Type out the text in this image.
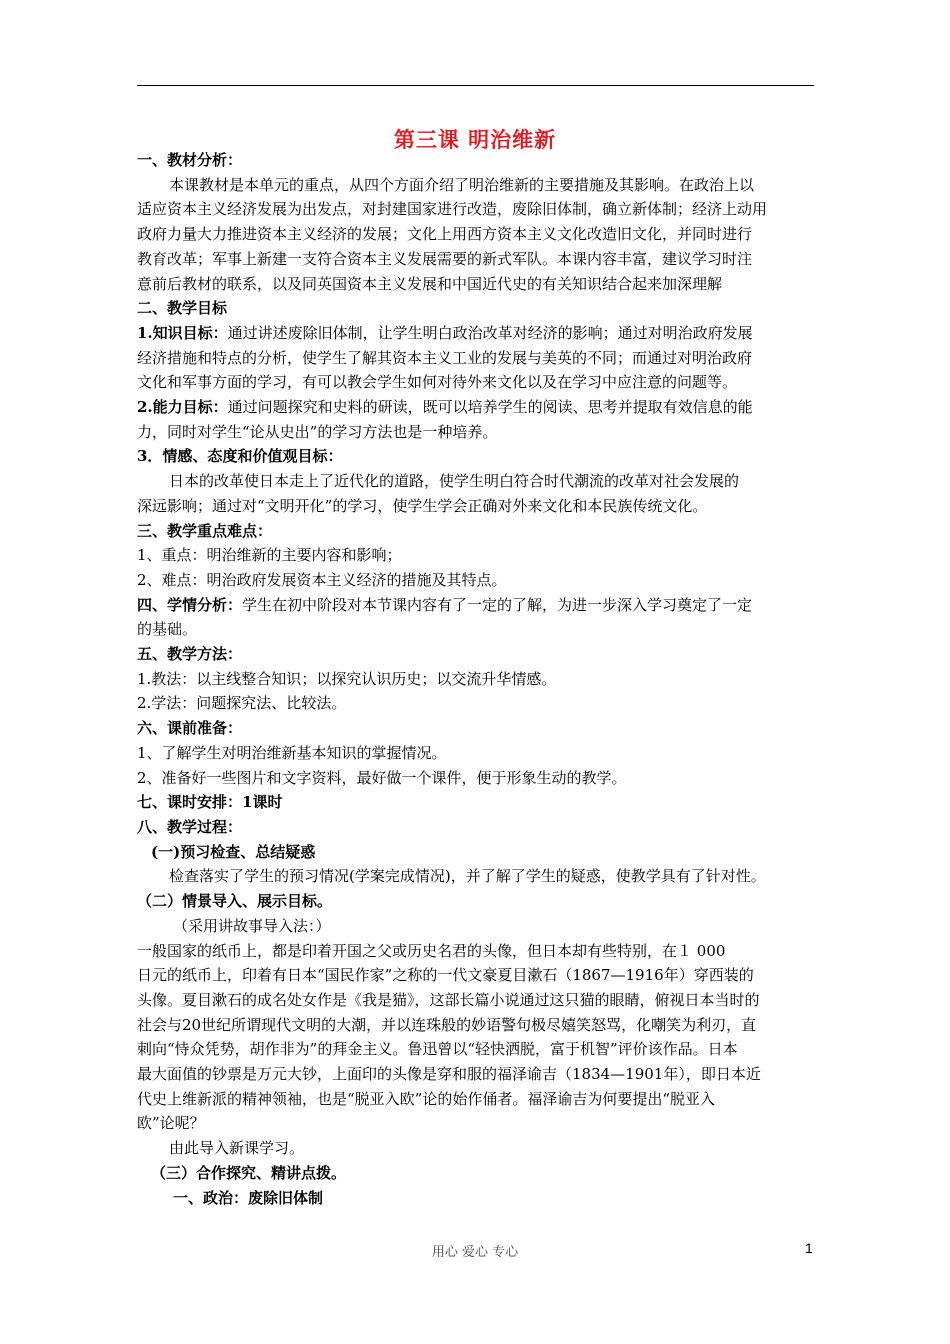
第三课 明治维新

一、教材分析：

本课教材是本单元的重点，从四个方面介绍了明治维新的主要措施及其影响。在政治上以

适应资本主义经济发展为出发点，对封建国家进行改造，废除旧体制，确立新体制；经济上动用

政府力量大力推进资本主义经济的发展；文化上用西方资本主义文化改造旧文化，并同时进行

教育改革；军事上新建一支符合资本主义发展需要的新式军队。本课内容丰富，建议学习时注

意前后教材的联系，以及同英国资本主义发展和中国近代史的有关知识结合起来加深理解

二、教学目标

1.知识目标：通过讲述废除旧体制，让学生明白政治改革对经济的影响；通过对明治政府发展

经济措施和特点的分析，使学生了解其资本主义工业的发展与美英的不同；而通过对明治政府

文化和军事方面的学习，有可以教会学生如何对待外来文化以及在学习中应注意的问题等。

2.能力目标：通过问题探究和史料的研读，既可以培养学生的阅读、思考并提取有效信息的能

力，同时对学生“论从史出”的学习方法也是一种培养。

3．情感、态度和价值观目标：

日本的改革使日本走上了近代化的道路，使学生明白符合时代潮流的改革对社会发展的

深远影响；通过对“文明开化”的学习，使学生学会正确对外来文化和本民族传统文化。

三、教学重点难点：

1、重点：明治维新的主要内容和影响；

2、难点：明治政府发展资本主义经济的措施及其特点。

四、学情分析：学生在初中阶段对本节课内容有了一定的了解，为进一步深入学习奠定了一定

的基础。

五、教学方法：

1.教法：以主线整合知识；以探究认识历史；以交流升华情感。

2.学法：问题探究法、比较法。

六、课前准备：

1、了解学生对明治维新基本知识的掌握情况。

2、准备好一些图片和文字资料，最好做一个课件，便于形象生动的教学。

七、课时安排：1课时

八、教学过程：

(一)预习检查、总结疑惑

检查落实了学生的预习情况(学案完成情况)，并了解了学生的疑惑，使教学具有了针对性。

（二）情景导入、展示目标。

（采用讲故事导入法：）

一般国家的纸币上，都是印着开国之父或历史名君的头像，但日本却有些特别，在１ 000

日元的纸币上，印着有日本“国民作家”之称的一代文豪夏目漱石（1867—1916年）穿西装的

头像。夏目漱石的成名处女作是《我是猫》，这部长篇小说通过这只猫的眼睛，俯视日本当时的

社会与20世纪所谓现代文明的大潮，并以连珠般的妙语警句极尽嬉笑怒骂，化嘲笑为利刃，直

刺向“恃众凭势，胡作非为”的拜金主义。鲁迅曾以“轻快洒脱，富于机智”评价该作品。日本

最大面值的钞票是万元大钞，上面印的头像是穿和服的福泽谕吉（1834—1901年），即日本近

代史上维新派的精神领袖，也是“脱亚入欧”论的始作俑者。福泽谕吉为何要提出“脱亚入

欧”论呢？

由此导入新课学习。

（三）合作探究、精讲点拨。

一、政治：废除旧体制

用心 爱心 专心	1
